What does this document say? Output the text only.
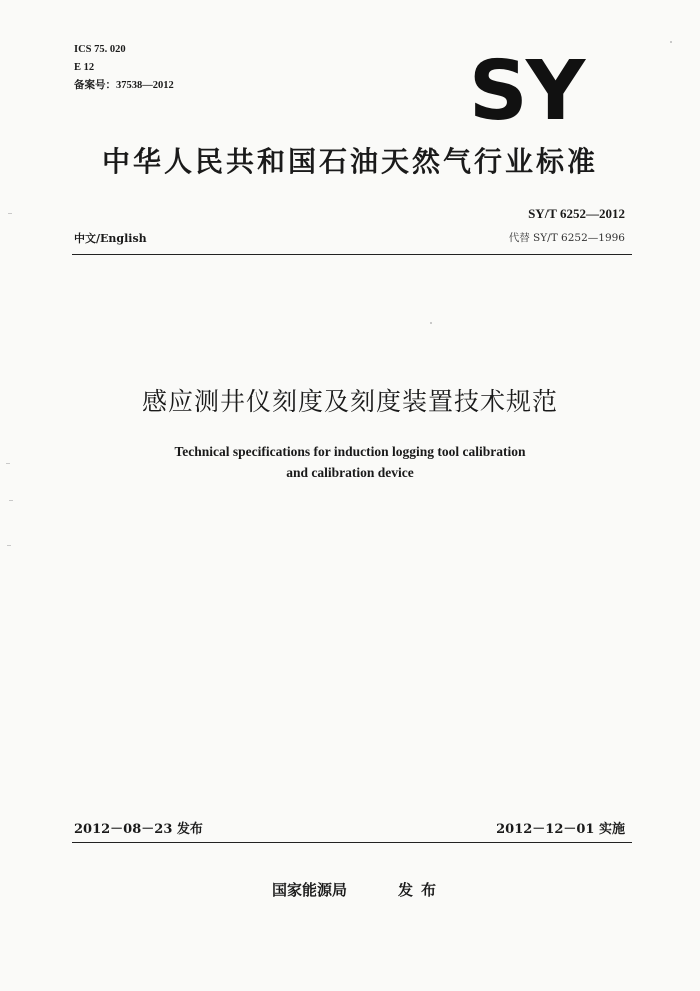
ICS 75. 020
E 12
备案号：37538—2012	SY
中华人民共和国石油天然气行业标准
SY/T 6252—2012
代替 SY/T 6252—1996
中文/English
感应测井仪刻度及刻度装置技术规范
Technical specifications for induction logging tool calibration
and calibration device
2012－08－23 发布	2012－12－01 实施
国家能源局	发布
